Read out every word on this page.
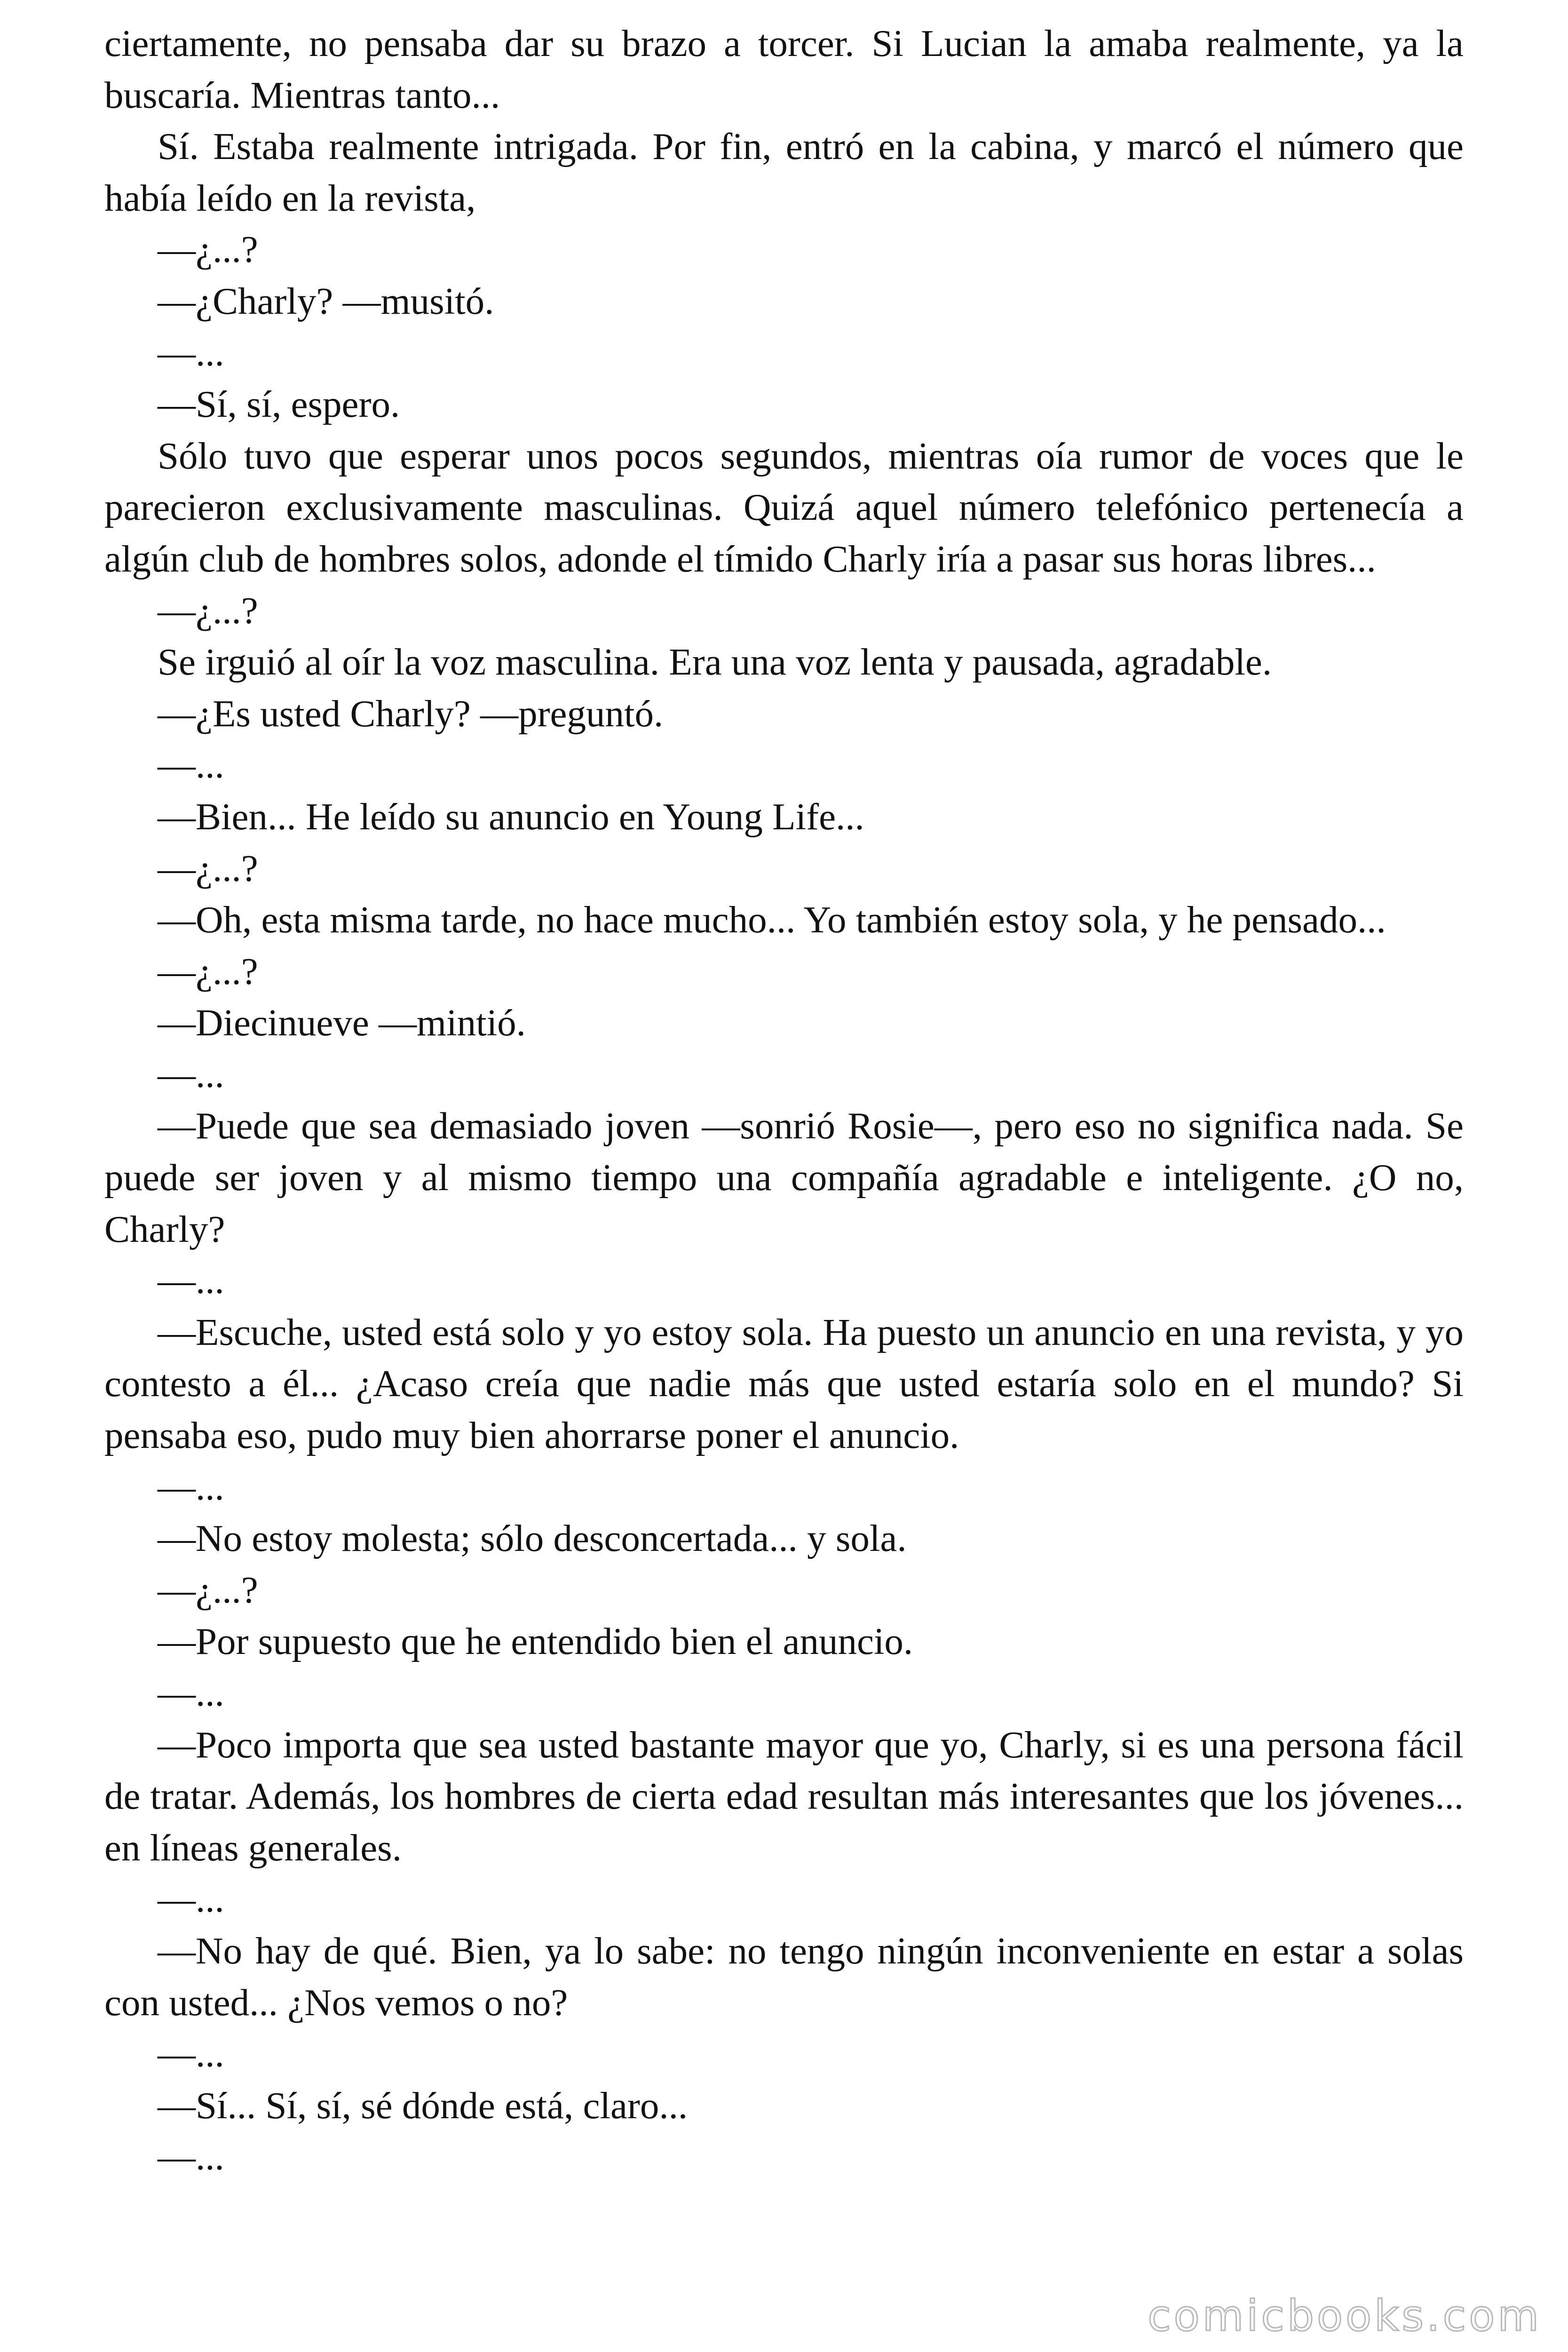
ciertamente, no pensaba dar su brazo a torcer. Si Lucian la amaba realmente, ya la buscaría. Mientras tanto...

Sí. Estaba realmente intrigada. Por fin, entró en la cabina, y marcó el número que había leído en la revista,

—¿...?

—¿Charly? —musitó.

—...

—Sí, sí, espero.

Sólo tuvo que esperar unos pocos segundos, mientras oía rumor de voces que le parecieron exclusivamente masculinas. Quizá aquel número telefónico pertenecía a algún club de hombres solos, adonde el tímido Charly iría a pasar sus horas libres...

—¿...?

Se irguió al oír la voz masculina. Era una voz lenta y pausada, agradable.

—¿Es usted Charly? —preguntó.

—...

—Bien... He leído su anuncio en Young Life...

—¿...?

—Oh, esta misma tarde, no hace mucho... Yo también estoy sola, y he pensado...

—¿...?

—Diecinueve —mintió.

—...

—Puede que sea demasiado joven —sonrió Rosie—, pero eso no significa nada. Se puede ser joven y al mismo tiempo una compañía agradable e inteligente. ¿O no, Charly?

—...

—Escuche, usted está solo y yo estoy sola. Ha puesto un anuncio en una revista, y yo contesto a él... ¿Acaso creía que nadie más que usted estaría solo en el mundo? Si pensaba eso, pudo muy bien ahorrarse poner el anuncio.

—...

—No estoy molesta; sólo desconcertada... y sola.

—¿...?

—Por supuesto que he entendido bien el anuncio.

—...

—Poco importa que sea usted bastante mayor que yo, Charly, si es una persona fácil de tratar. Además, los hombres de cierta edad resultan más interesantes que los jóvenes... en líneas generales.

—...

—No hay de qué. Bien, ya lo sabe: no tengo ningún inconveniente en estar a solas con usted... ¿Nos vemos o no?

—...

—Sí... Sí, sí, sé dónde está, claro...

—...

comicbooks.com
